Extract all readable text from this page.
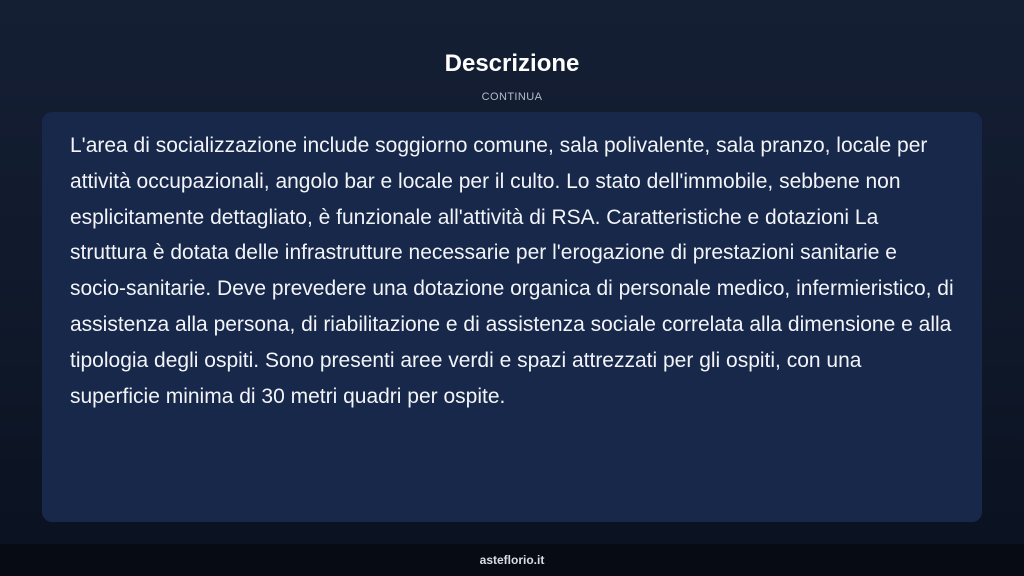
Descrizione
CONTINUA

L'area di socializzazione include soggiorno comune, sala polivalente, sala pranzo, locale per attività occupazionali, angolo bar e locale per il culto. Lo stato dell'immobile, sebbene non esplicitamente dettagliato, è funzionale all'attività di RSA. Caratteristiche e dotazioni La struttura è dotata delle infrastrutture necessarie per l'erogazione di prestazioni sanitarie e socio-sanitarie. Deve prevedere una dotazione organica di personale medico, infermieristico, di assistenza alla persona, di riabilitazione e di assistenza sociale correlata alla dimensione e alla tipologia degli ospiti. Sono presenti aree verdi e spazi attrezzati per gli ospiti, con una superficie minima di 30 metri quadri per ospite.

asteflorio.it
